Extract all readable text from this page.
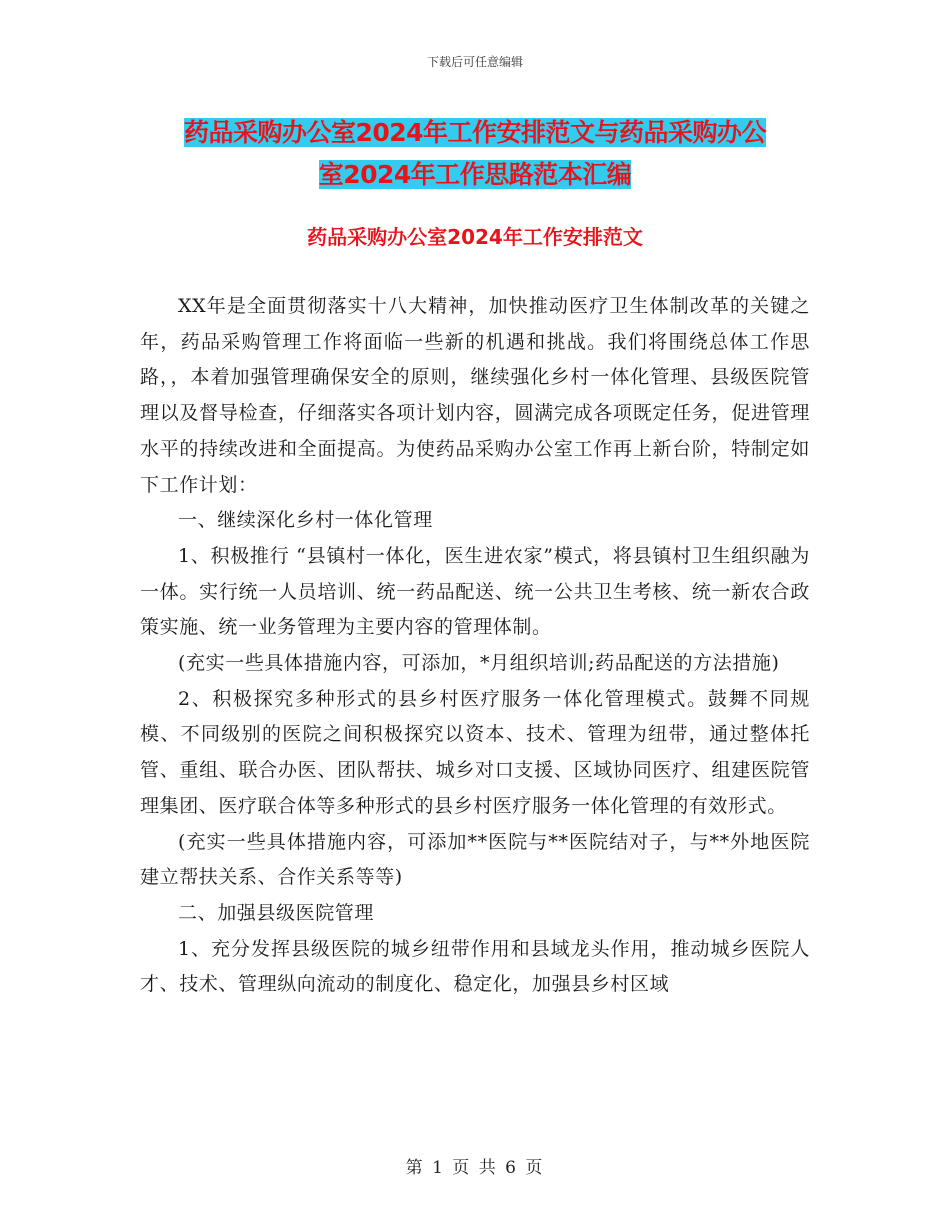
下载后可任意编辑
药品采购办公室2024年工作安排范文与药品采购办公
室2024年工作思路范本汇编
药品采购办公室2024年工作安排范文

XX年是全面贯彻落实十八大精神，加快推动医疗卫生体制改革的关键之年，药品采购管理工作将面临一些新的机遇和挑战。我们将围绕总体工作思路，，本着加强管理确保安全的原则，继续强化乡村一体化管理、县级医院管理以及督导检查，仔细落实各项计划内容，圆满完成各项既定任务，促进管理水平的持续改进和全面提高。为使药品采购办公室工作再上新台阶，特制定如下工作计划：

一、继续深化乡村一体化管理

1、积极推行 “县镇村一体化，医生进农家”模式，将县镇村卫生组织融为一体。实行统一人员培训、统一药品配送、统一公共卫生考核、统一新农合政策实施、统一业务管理为主要内容的管理体制。

(充实一些具体措施内容，可添加，*月组织培训;药品配送的方法措施)

2、积极探究多种形式的县乡村医疗服务一体化管理模式。鼓舞不同规模、不同级别的医院之间积极探究以资本、技术、管理为纽带，通过整体托管、重组、联合办医、团队帮扶、城乡对口支援、区域协同医疗、组建医院管理集团、医疗联合体等多种形式的县乡村医疗服务一体化管理的有效形式。

(充实一些具体措施内容，可添加**医院与**医院结对子，与**外地医院建立帮扶关系、合作关系等等)

二、加强县级医院管理

1、充分发挥县级医院的城乡纽带作用和县域龙头作用，推动城乡医院人才、技术、管理纵向流动的制度化、稳定化，加强县乡村区域

第 1 页 共 6 页
